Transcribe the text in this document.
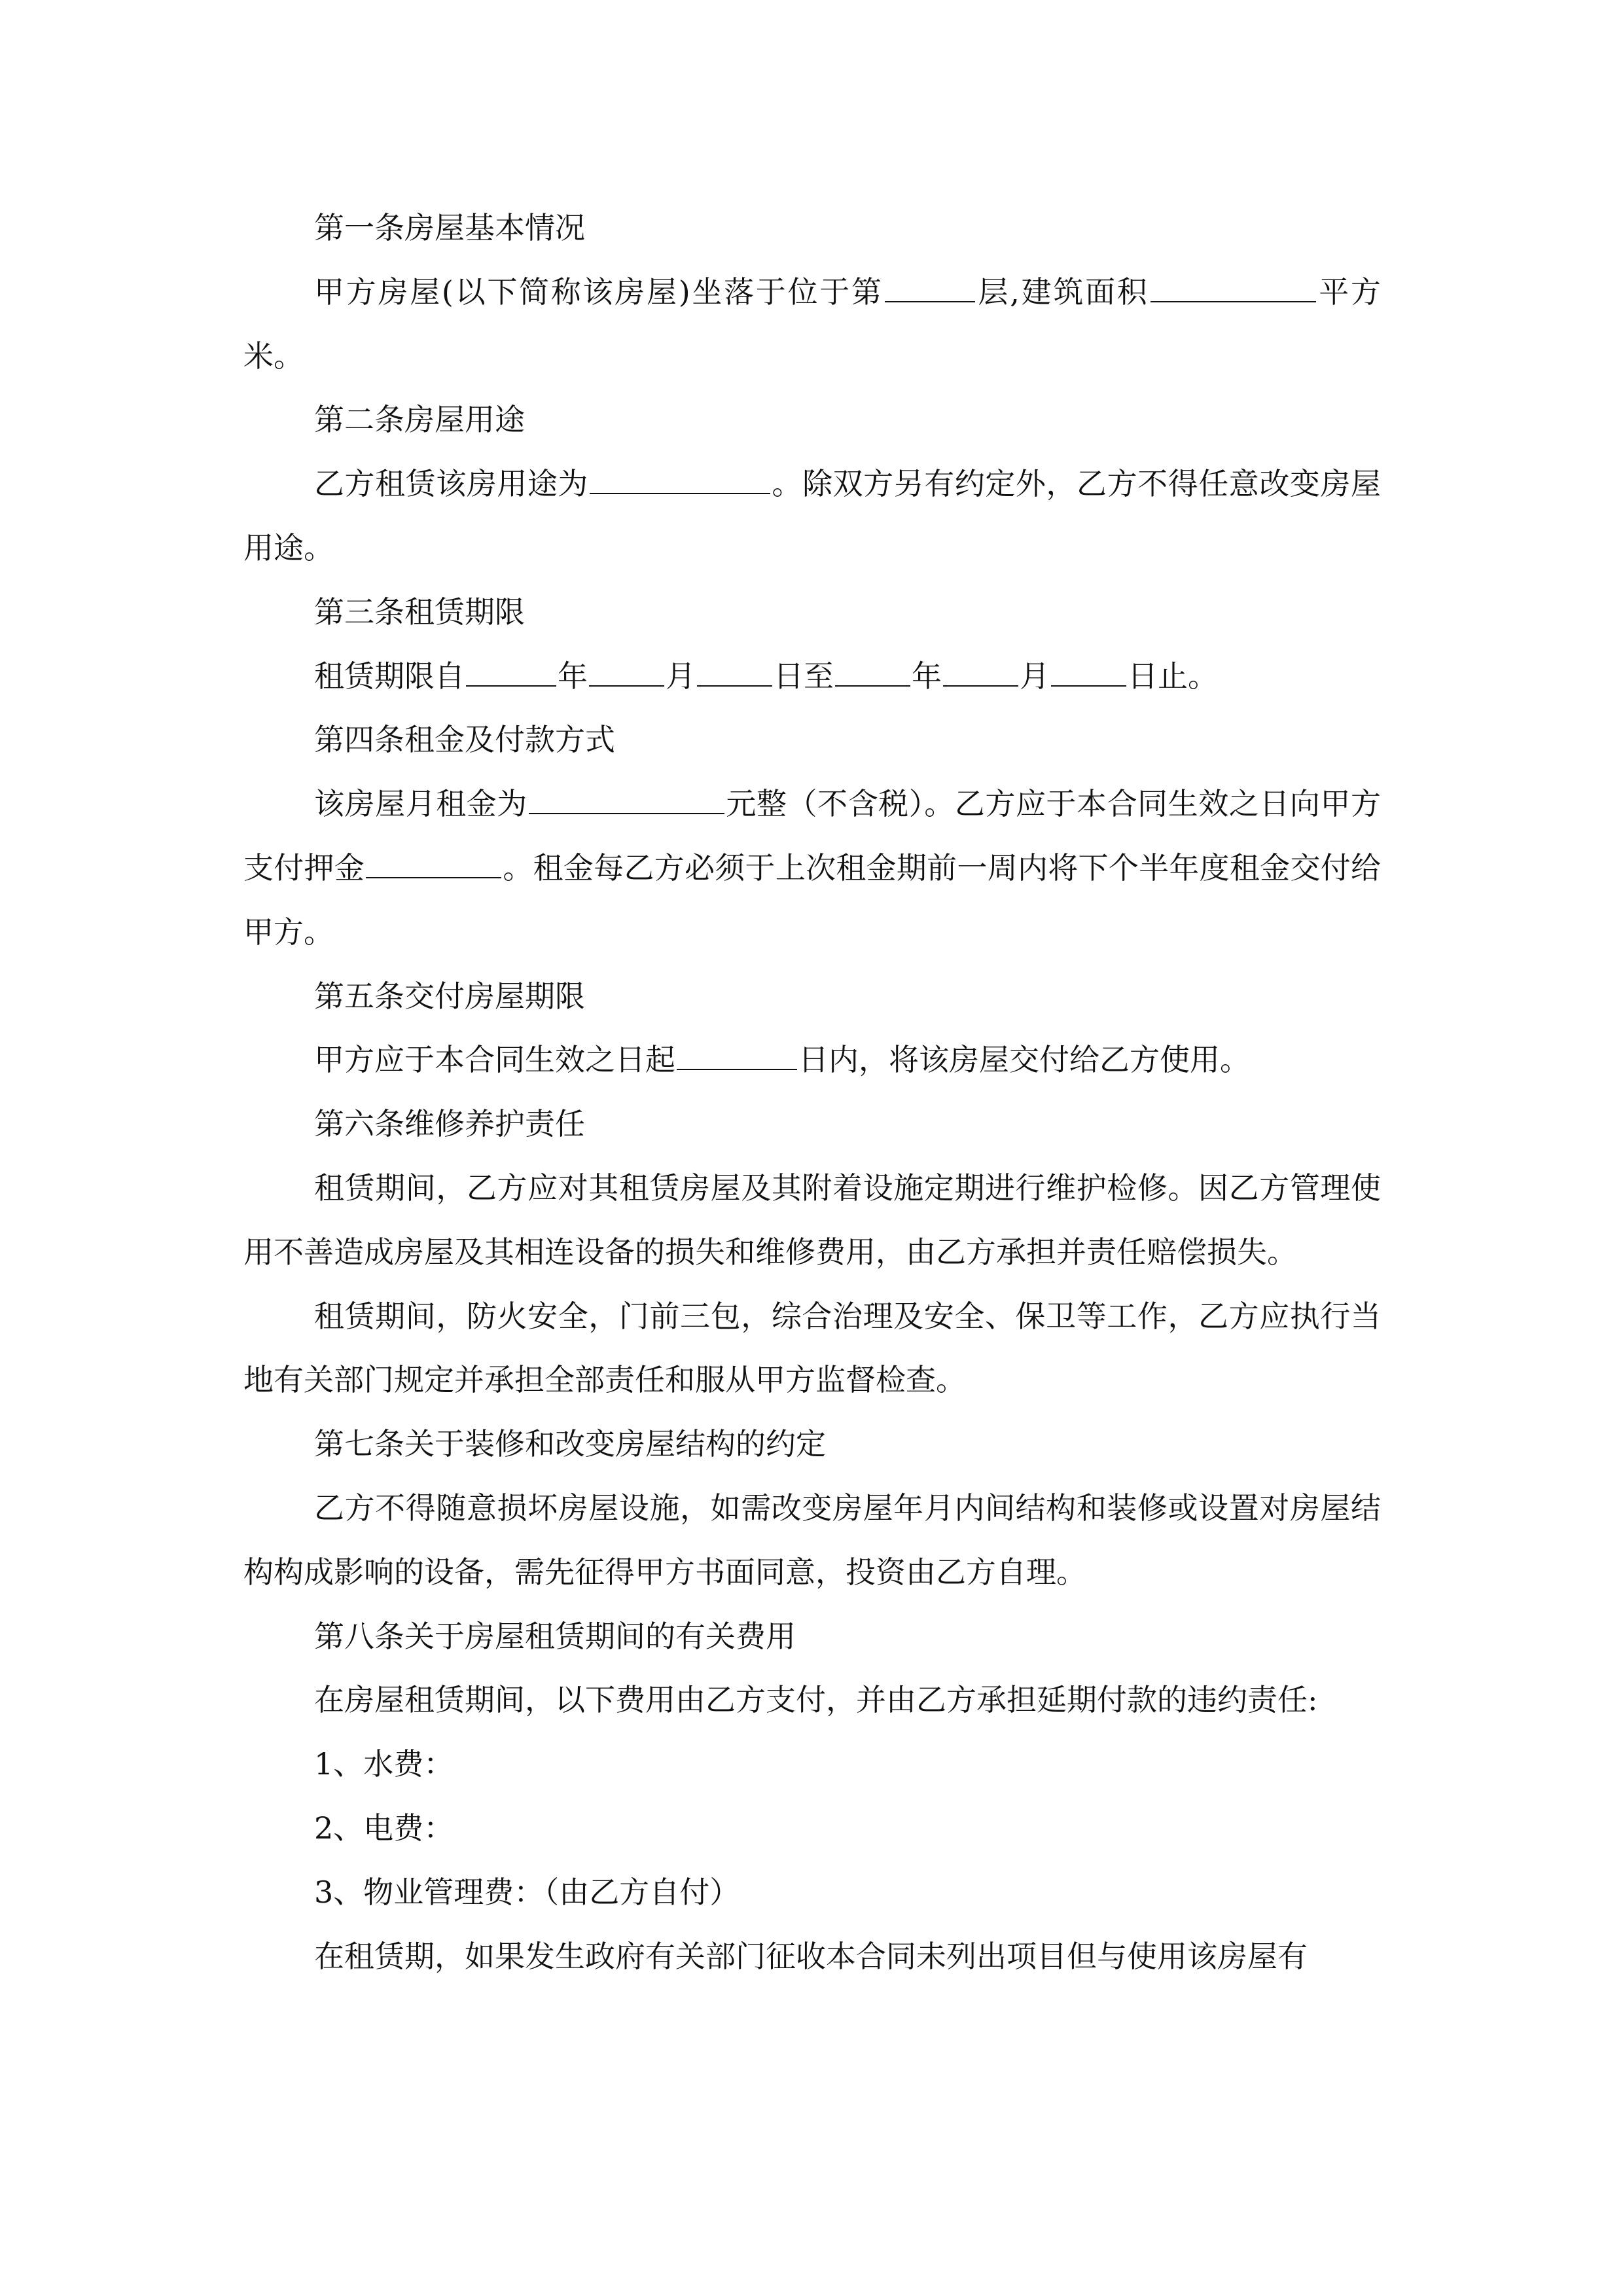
第一条房屋基本情况

甲方房屋(以下简称该房屋)坐落于位于第	层,建筑面积	平方米。

第二条房屋用途

乙方租赁该房用途为	。除双方另有约定外，乙方不得任意改变房屋用途。

第三条租赁期限

租赁期限自	年	月	日至	年	月	日止。

第四条租金及付款方式

该房屋月租金为	元整（不含税）。乙方应于本合同生效之日向甲方支付押金	。租金每乙方必须于上次租金期前一周内将下个半年度租金交付给甲方。

第五条交付房屋期限

甲方应于本合同生效之日起	日内，将该房屋交付给乙方使用。

第六条维修养护责任

租赁期间，乙方应对其租赁房屋及其附着设施定期进行维护检修。因乙方管理使用不善造成房屋及其相连设备的损失和维修费用，由乙方承担并责任赔偿损失。

租赁期间，防火安全，门前三包，综合治理及安全、保卫等工作，乙方应执行当地有关部门规定并承担全部责任和服从甲方监督检查。

第七条关于装修和改变房屋结构的约定

乙方不得随意损坏房屋设施，如需改变房屋年月内间结构和装修或设置对房屋结构构成影响的设备，需先征得甲方书面同意，投资由乙方自理。

第八条关于房屋租赁期间的有关费用

在房屋租赁期间，以下费用由乙方支付，并由乙方承担延期付款的违约责任:

1、水费：

2、电费：

3、物业管理费：（由乙方自付）

在租赁期，如果发生政府有关部门征收本合同未列出项目但与使用该房屋有
